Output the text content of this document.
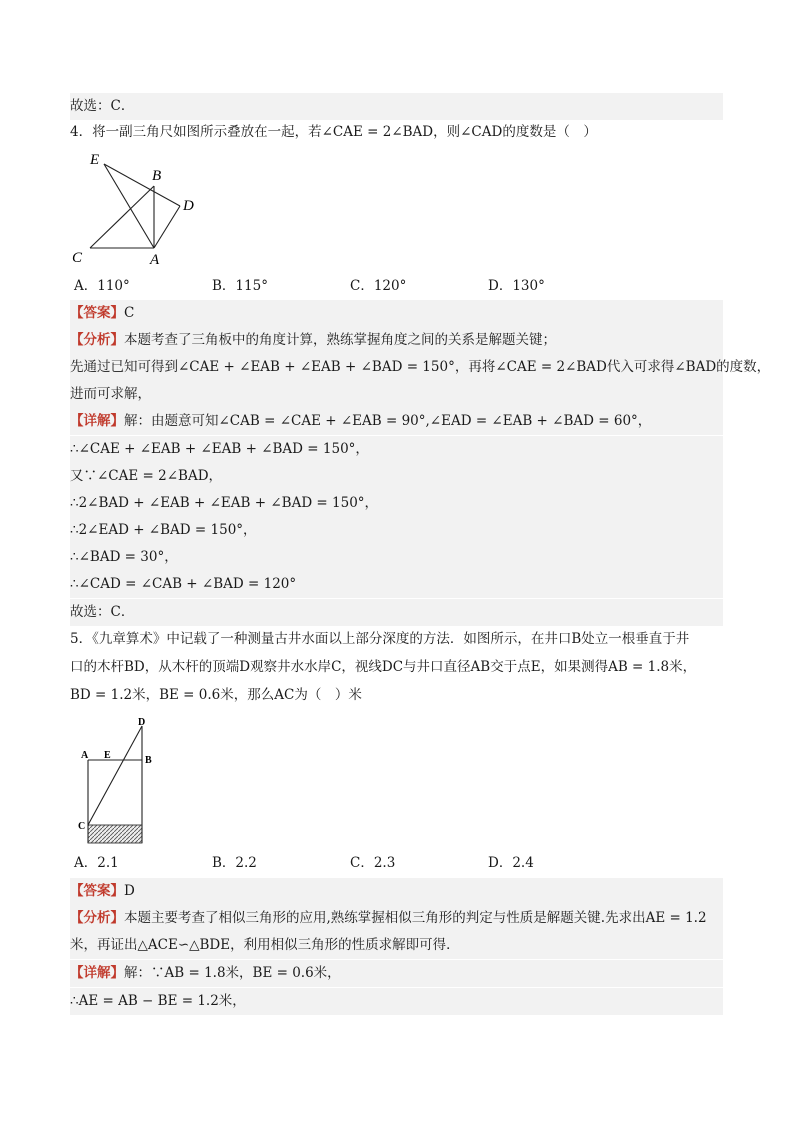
故选：C．
4．将一副三角尺如图所示叠放在一起，若∠CAE = 2∠BAD，则∠CAD的度数是（　）
E
B
D
C	A
A．110°	B．115°	C．120°	D．130°
【答案】C
【分析】本题考查了三角板中的角度计算，熟练掌握角度之间的关系是解题关键；
先通过已知可得到∠CAE + ∠EAB + ∠EAB + ∠BAD = 150°，再将∠CAE = 2∠BAD代入可求得∠BAD的度数，
进而可求解，
【详解】解：由题意可知∠CAB = ∠CAE + ∠EAB = 90°,∠EAD = ∠EAB + ∠BAD = 60°，
∴∠CAE + ∠EAB + ∠EAB + ∠BAD = 150°，
又∵∠CAE = 2∠BAD，
∴2∠BAD + ∠EAB + ∠EAB + ∠BAD = 150°，
∴2∠EAD + ∠BAD = 150°，
∴∠BAD = 30°，
∴∠CAD = ∠CAB + ∠BAD = 120°
故选：C．
5．《九章算术》中记载了一种测量古井水面以上部分深度的方法．如图所示，在井口B处立一根垂直于井
口的木杆BD，从木杆的顶端D观察井水水岸C，视线DC与井口直径AB交于点E，如果测得AB = 1.8米，
BD = 1.2米，BE = 0.6米，那么AC为（　）米
D
A E	B
C
A．2.1	B．2.2	C．2.3	D．2.4
【答案】D
【分析】本题主要考查了相似三角形的应用,熟练掌握相似三角形的判定与性质是解题关键.先求出AE = 1.2
米，再证出△ACE∽△BDE，利用相似三角形的性质求解即可得．
【详解】解：∵AB = 1.8米，BE = 0.6米，
∴AE = AB − BE = 1.2米，
